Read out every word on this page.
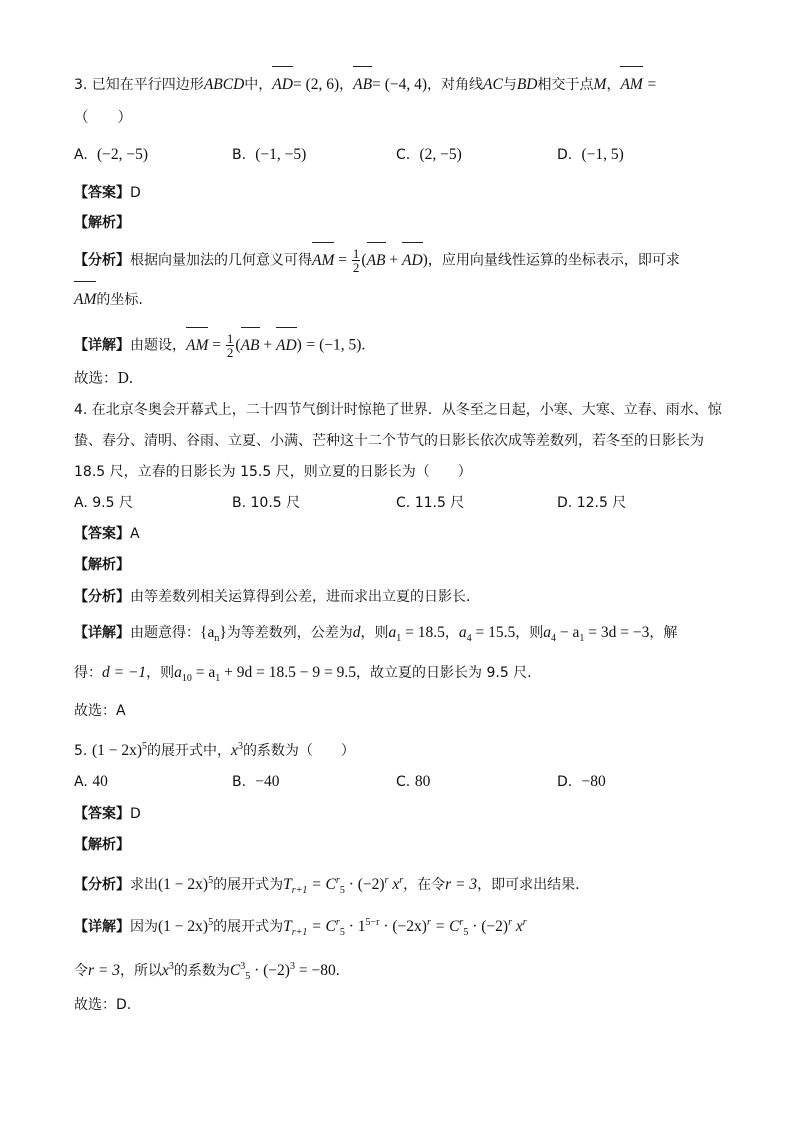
3. 已知在平行四边形ABCD中，
AD= (2, 6)，
AB= (−4, 4)，对角线AC与BD相交于点M，
AM =
（　　）
A. (−2, −5)	B. (−1, −5)	C. (2, −5)	D. (−1, 5)
【答案】D
【解析】
【分析】根据向量加法的几何意义可得
AM = $\frac{1}{2}$ (
AB +
AD)，应用向量线性运算的坐标表示，即可求
AM的坐标.
【详解】由题设，
AM = $\frac{1}{2}$ (
AB +
AD) = (−1, 5).
故选：D.
4. 在北京冬奥会开幕式上，二十四节气倒计时惊艳了世界．从冬至之日起，小寒、大寒、立春、雨水、惊
蛰、春分、清明、谷雨、立夏、小满、芒种这十二个节气的日影长依次成等差数列，若冬至的日影长为
18.5 尺，立春的日影长为 15.5 尺，则立夏的日影长为（　　）
A. 9.5 尺	B. 10.5 尺	C. 11.5 尺	D. 12.5 尺
【答案】A
【解析】
【分析】由等差数列相关运算得到公差，进而求出立夏的日影长.
【详解】由题意得：$\{a_n\}$为等差数列，公差为d，则$a_1 = 18.5$，$a_4 = 15.5$，则$a_4 - a_1 = 3d = -3$，解
得：d = −1，则$a_{10} = a_1 + 9d = 18.5 - 9 = 9.5$，故立夏的日影长为 9.5 尺.
故选：A
5. $(1 - 2x)^5$的展开式中，$x^3$的系数为（　　）
A. 40	B. −40	C. 80	D. −80
【答案】D
【解析】
【分析】求出$(1 - 2x)^5$的展开式为$T_{r+1} = C^r_5 \cdot (-2)^r$ $x^r$，在令r = 3，即可求出结果.
【详解】因为$(1 - 2x)^5$的展开式为$T_{r+1} = C^r_5 \cdot 1^{5-r} \cdot (-2x)^r = C^r_5 \cdot (-2)^r$ $x^r$
令r = 3，所以$x^3$的系数为$C^3_5 \cdot (-2)^3 = -80$.
故选：D.
